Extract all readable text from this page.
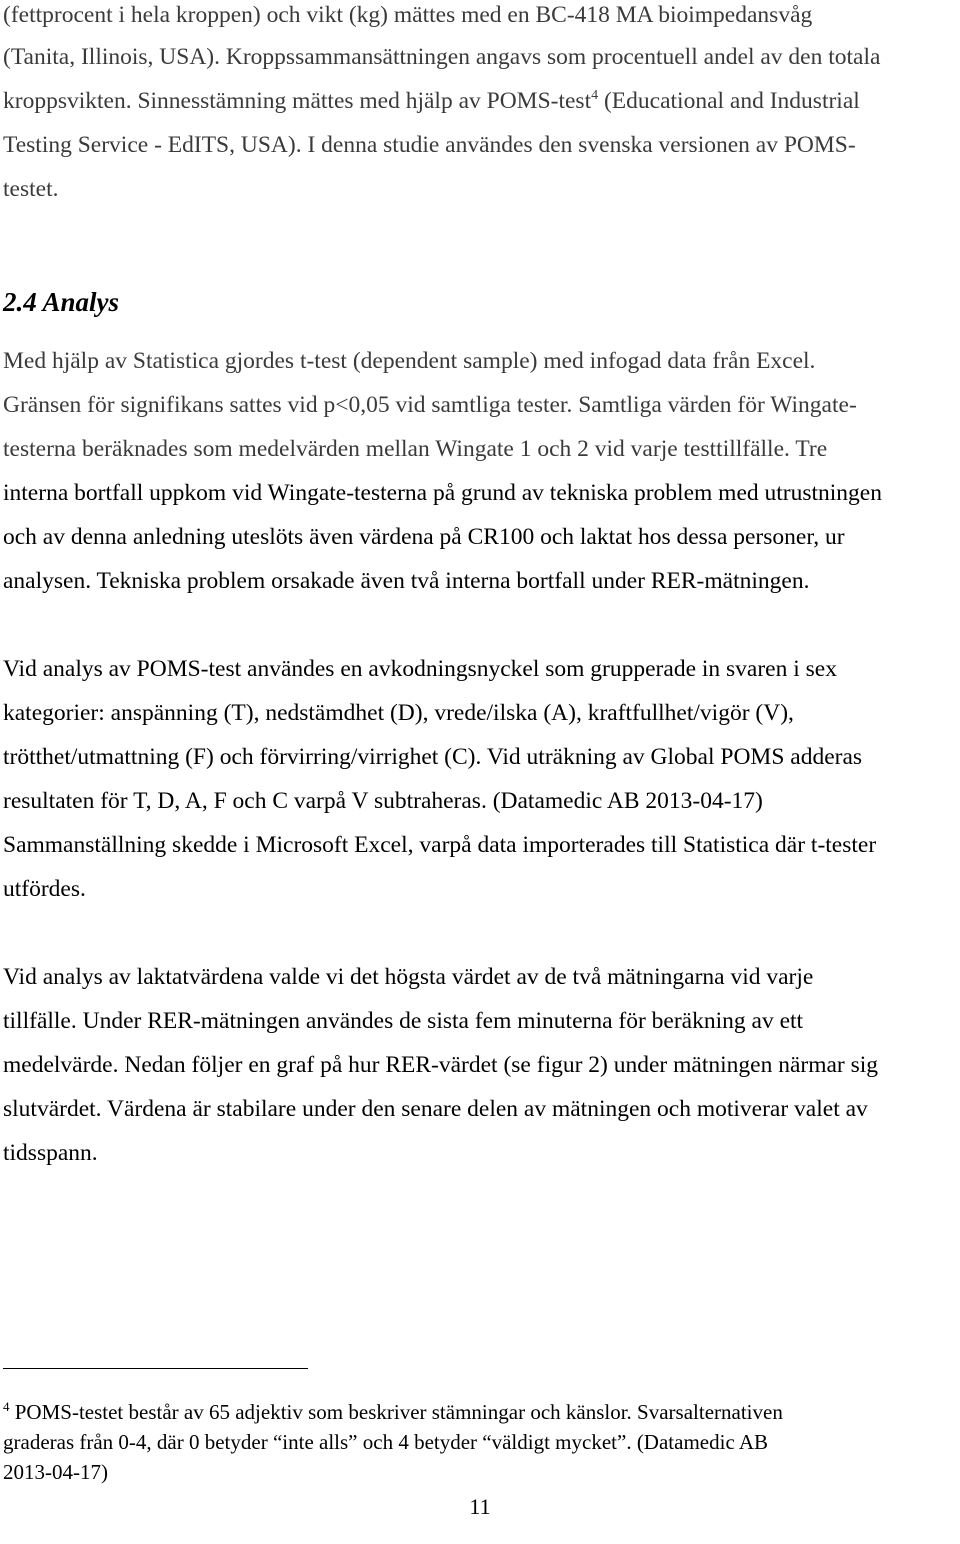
(fettprocent i hela kroppen) och vikt (kg) mättes med en BC-418 MA bioimpedansvåg
(Tanita, Illinois, USA). Kroppssammansättningen angavs som procentuell andel av den totala
kroppsvikten. Sinnesstämning mättes med hjälp av POMS-test$^4$ (Educational and Industrial
Testing Service - EdITS, USA). I denna studie användes den svenska versionen av POMS-
testet.
2.4 Analys
Med hjälp av Statistica gjordes t-test (dependent sample) med infogad data från Excel.
Gränsen för signifikans sattes vid p<0,05 vid samtliga tester. Samtliga värden för Wingate-
testerna beräknades som medelvärden mellan Wingate 1 och 2 vid varje testtillfälle. Tre
interna bortfall uppkom vid Wingate-testerna på grund av tekniska problem med utrustningen
och av denna anledning uteslöts även värdena på CR100 och laktat hos dessa personer, ur
analysen. Tekniska problem orsakade även två interna bortfall under RER-mätningen.
Vid analys av POMS-test användes en avkodningsnyckel som grupperade in svaren i sex
kategorier: anspänning (T), nedstämdhet (D), vrede/ilska (A), kraftfullhet/vigör (V),
trötthet/utmattning (F) och förvirring/virrighet (C). Vid uträkning av Global POMS adderas
resultaten för T, D, A, F och C varpå V subtraheras. (Datamedic AB 2013-04-17)
Sammanställning skedde i Microsoft Excel, varpå data importerades till Statistica där t-tester
utfördes.
Vid analys av laktatvärdena valde vi det högsta värdet av de två mätningarna vid varje
tillfälle. Under RER-mätningen användes de sista fem minuterna för beräkning av ett
medelvärde. Nedan följer en graf på hur RER-värdet (se figur 2) under mätningen närmar sig
slutvärdet. Värdena är stabilare under den senare delen av mätningen och motiverar valet av
tidsspann.
$^4$ POMS-testet består av 65 adjektiv som beskriver stämningar och känslor. Svarsalternativen
graderas från 0-4, där 0 betyder “inte alls” och 4 betyder “väldigt mycket”. (Datamedic AB
2013-04-17)
11
